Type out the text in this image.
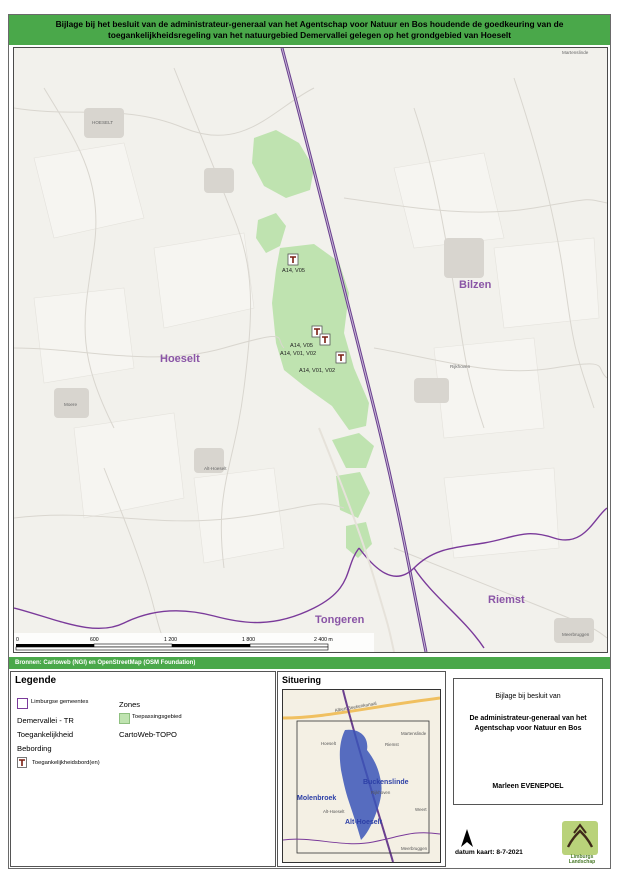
Bijlage bij het besluit van de administrateur-generaal van het Agentschap voor Natuur en Bos houdende de goedkeuring van de
toegankelijkheidsregeling van het natuurgebied Demervallei gelegen op het grondgebied van Hoeselt
Hoeselt
Bilzen
Riemst
Tongeren
HOESELT
Martenslinde
Rijkhoven
Alt-Hoeselt
Moere
Meerbruggen
A14, V05
A14, V05
A14, V01, V02
A14, V01, V02
0	600	1 200	1 800	2 400 m
Bronnen: Cartoweb (NGI) en OpenStreetMap (OSM Foundation)
Legende
Limburgse gemeentes
Demervallei - TR
Toegankelijkheid
Bebording
Toegankelijkheidsbord(en)
Zones
Toepassingsgebied
CartoWeb-TOPO
Situering
Albert Beekenkanaal
Buckenslinde
Molenbroek
Alt-Hoeselt
Hoeselt	Riemst
Martenslinde
Rijkhoven
Alt-Hoeselt
Meerbruggen
Weert
Bijlage bij besluit van
De administrateur-generaal van het
Agentschap voor Natuur en Bos
Marleen EVENEPOEL
datum kaart: 8-7-2021
Limburgs
Landschap
